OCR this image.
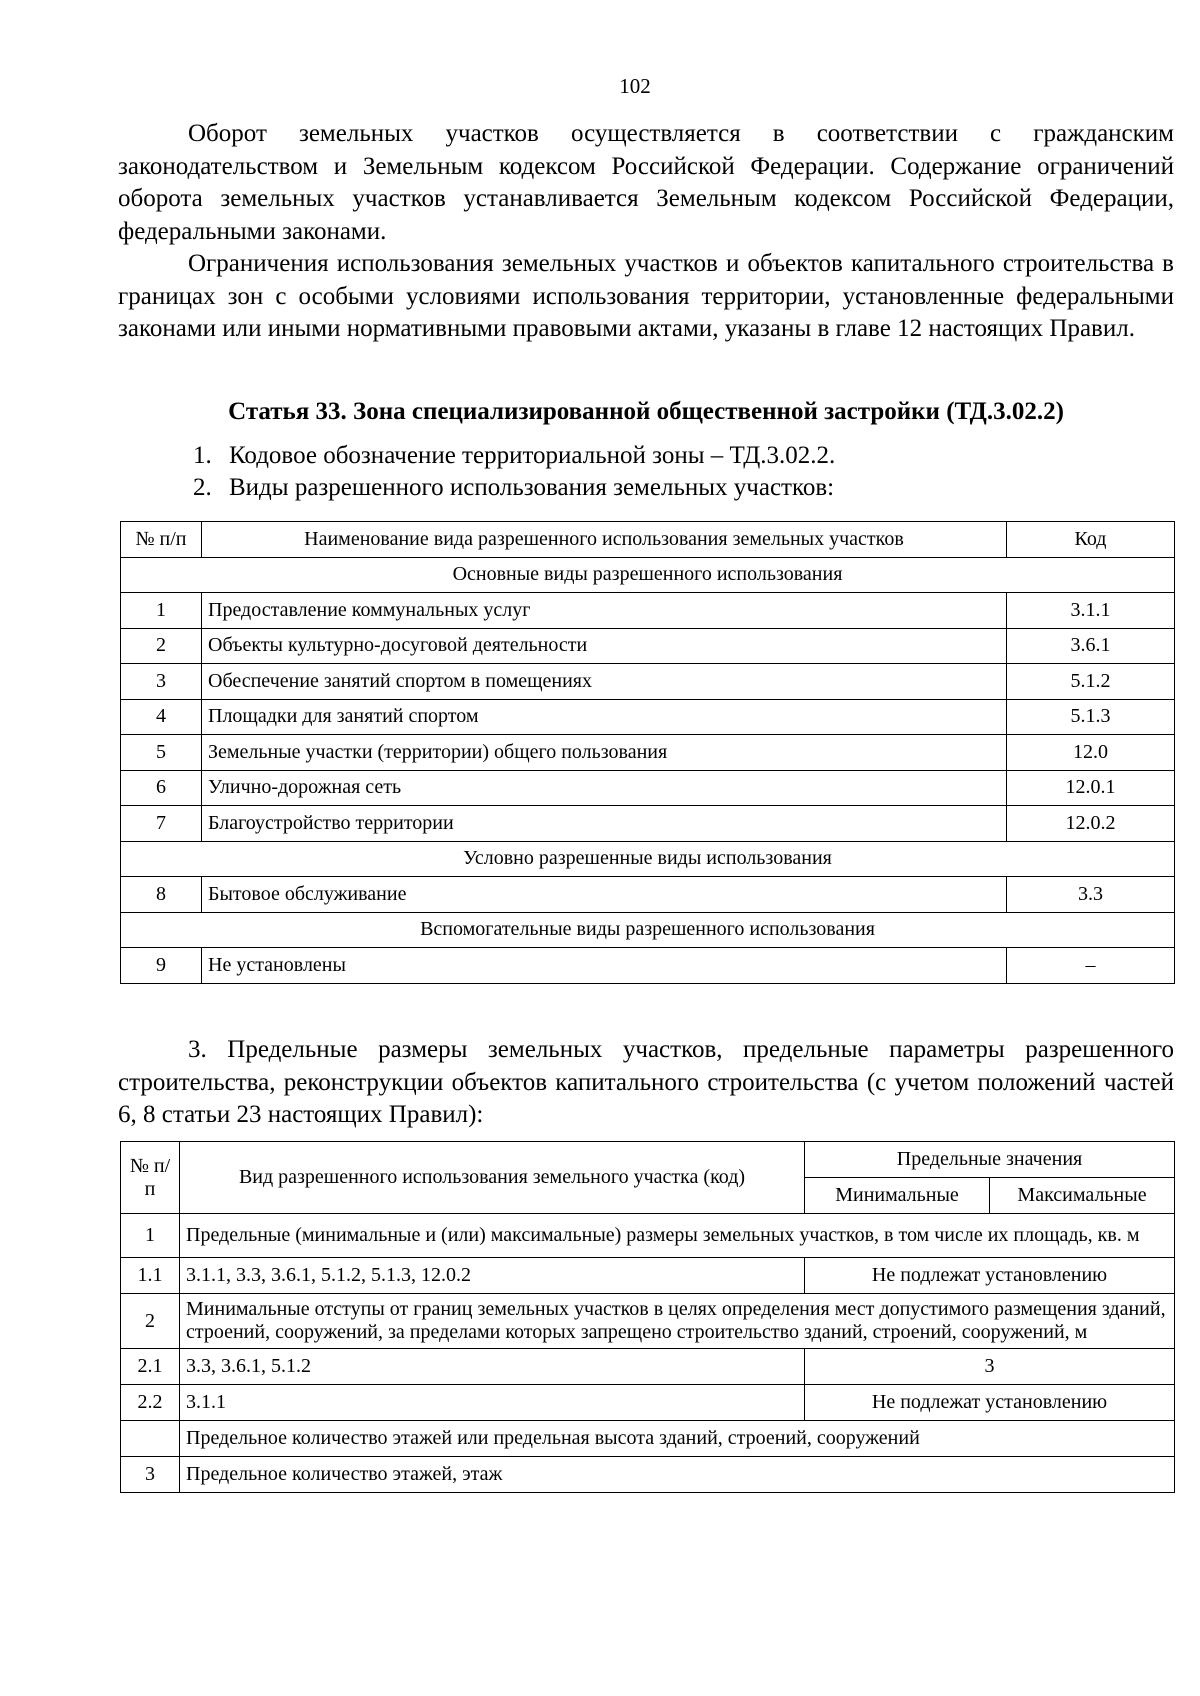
102

Оборот земельных участков осуществляется в соответствии с гражданским законодательством и Земельным кодексом Российской Федерации. Содержание ограничений оборота земельных участков устанавливается Земельным кодексом Российской Федерации, федеральными законами.

Ограничения использования земельных участков и объектов капитального строительства в границах зон с особыми условиями использования территории, установленные федеральными законами или иными нормативными правовыми актами, указаны в главе 12 настоящих Правил.

Статья 33. Зона специализированной общественной застройки (ТД.3.02.2)
1. Кодовое обозначение территориальной зоны – ТД.3.02.2.
2. Виды разрешенного использования земельных участков:
№ п/п	Наименование вида разрешенного использования земельных участков	Код
Основные виды разрешенного использования		
1	Предоставление коммунальных услуг	3.1.1
2	Объекты культурно-досуговой деятельности	3.6.1
3	Обеспечение занятий спортом в помещениях	5.1.2
4	Площадки для занятий спортом	5.1.3
5	Земельные участки (территории) общего пользования	12.0
6	Улично-дорожная сеть	12.0.1
7	Благоустройство территории	12.0.2
Условно разрешенные виды использования		
8	Бытовое обслуживание	3.3
Вспомогательные виды разрешенного использования		
9	Не установлены	–

3. Предельные размеры земельных участков, предельные параметры разрешенного строительства, реконструкции объектов капитального строительства (с учетом положений частей 6, 8 статьи 23 настоящих Правил):

№ п/п	Вид разрешенного использования земельного участка (код)	Предельные значения	
		Минимальные	Максимальные
1	Предельные (минимальные и (или) максимальные) размеры земельных участков, в том числе их площадь, кв. м		
1.1	3.1.1, 3.3, 3.6.1, 5.1.2, 5.1.3, 12.0.2	Не подлежат установлению	
2	Минимальные отступы от границ земельных участков в целях определения мест допустимого размещения зданий, строений, сооружений, за пределами которых запрещено строительство зданий, строений, сооружений, м		
2.1	3.3, 3.6.1, 5.1.2	3	
2.2	3.1.1	Не подлежат установлению	
	Предельное количество этажей или предельная высота зданий, строений, сооружений		
3	Предельное количество этажей, этаж		
